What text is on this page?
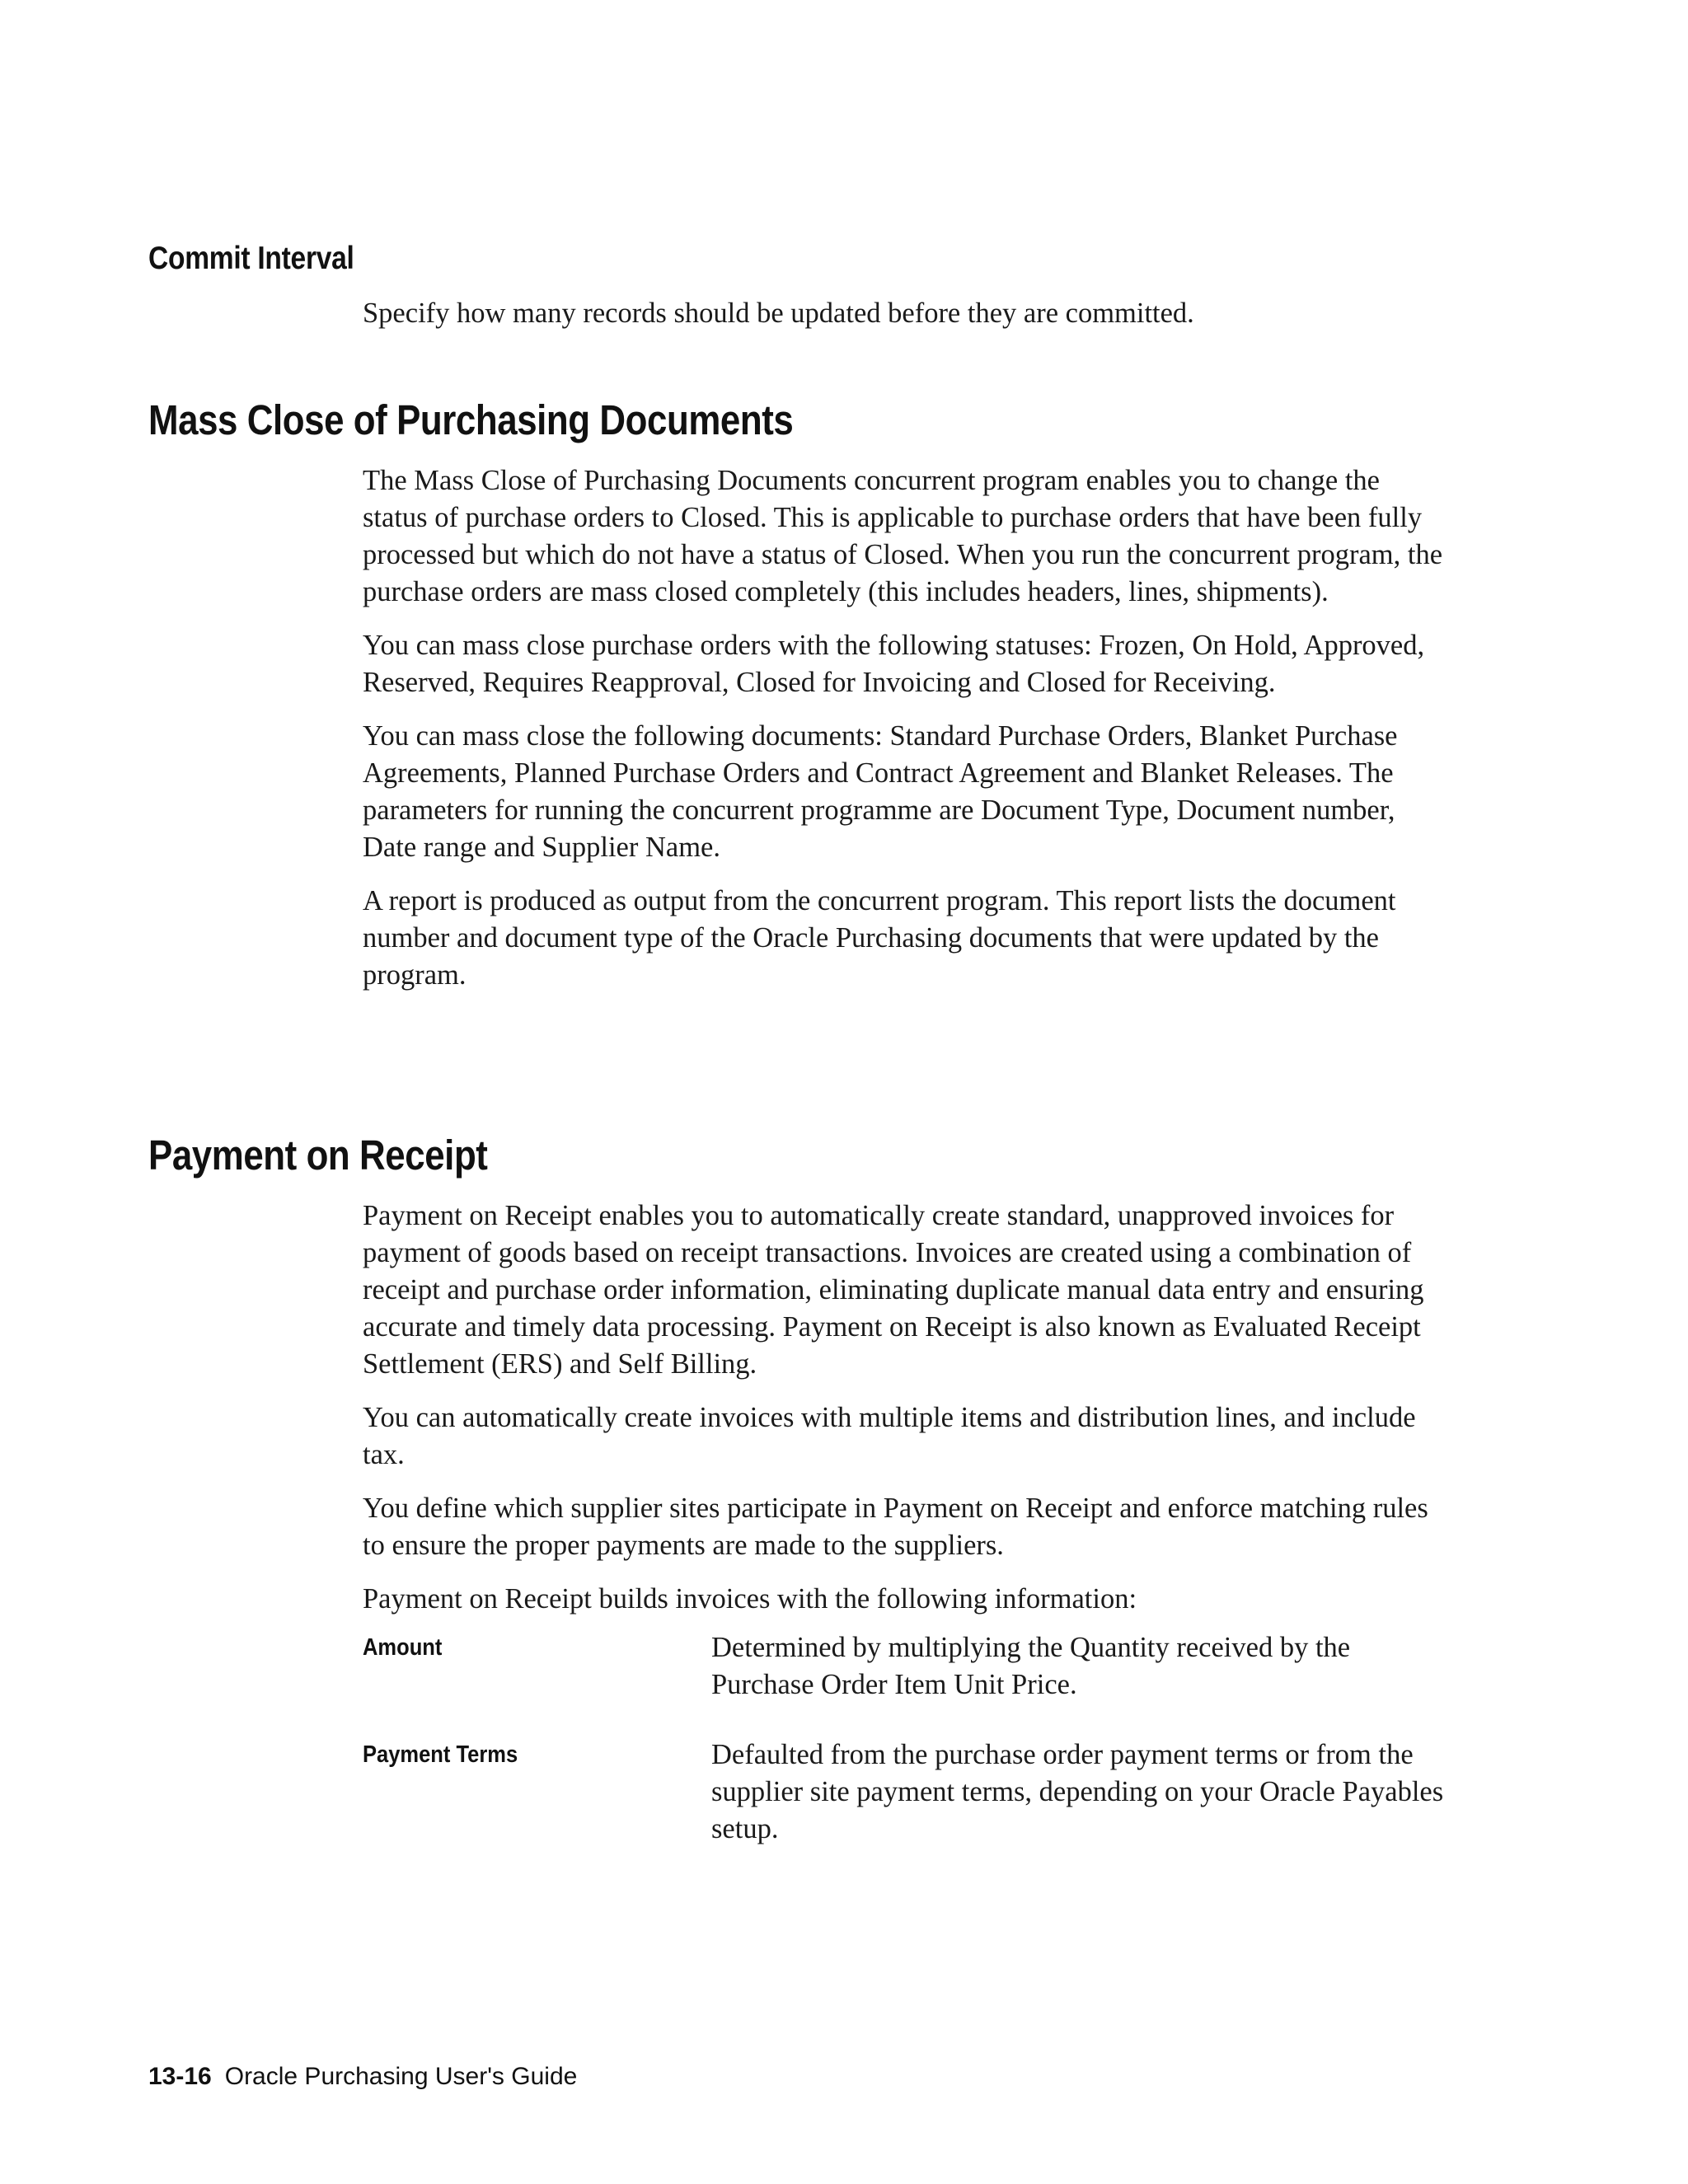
Commit Interval

Specify how many records should be updated before they are committed.

Mass Close of Purchasing Documents

The Mass Close of Purchasing Documents concurrent program enables you to change the status of purchase orders to Closed. This is applicable to purchase orders that have been fully processed but which do not have a status of Closed. When you run the concurrent program, the purchase orders are mass closed completely (this includes headers, lines, shipments).

You can mass close purchase orders with the following statuses: Frozen, On Hold, Approved, Reserved, Requires Reapproval, Closed for Invoicing and Closed for Receiving.

You can mass close the following documents: Standard Purchase Orders, Blanket Purchase Agreements, Planned Purchase Orders and Contract Agreement and Blanket Releases. The parameters for running the concurrent programme are Document Type, Document number, Date range and Supplier Name.

A report is produced as output from the concurrent program. This report lists the document number and document type of the Oracle Purchasing documents that were updated by the program.

Payment on Receipt

Payment on Receipt enables you to automatically create standard, unapproved invoices for payment of goods based on receipt transactions. Invoices are created using a combination of receipt and purchase order information, eliminating duplicate manual data entry and ensuring accurate and timely data processing. Payment on Receipt is also known as Evaluated Receipt Settlement (ERS) and Self Billing.

You can automatically create invoices with multiple items and distribution lines, and include tax.

You define which supplier sites participate in Payment on Receipt and enforce matching rules to ensure the proper payments are made to the suppliers.

Payment on Receipt builds invoices with the following information:

Amount	Determined by multiplying the Quantity received by the Purchase Order Item Unit Price.
Payment Terms	Defaulted from the purchase order payment terms or from the supplier site payment terms, depending on your Oracle Payables setup.
13-16 Oracle Purchasing User's Guide
